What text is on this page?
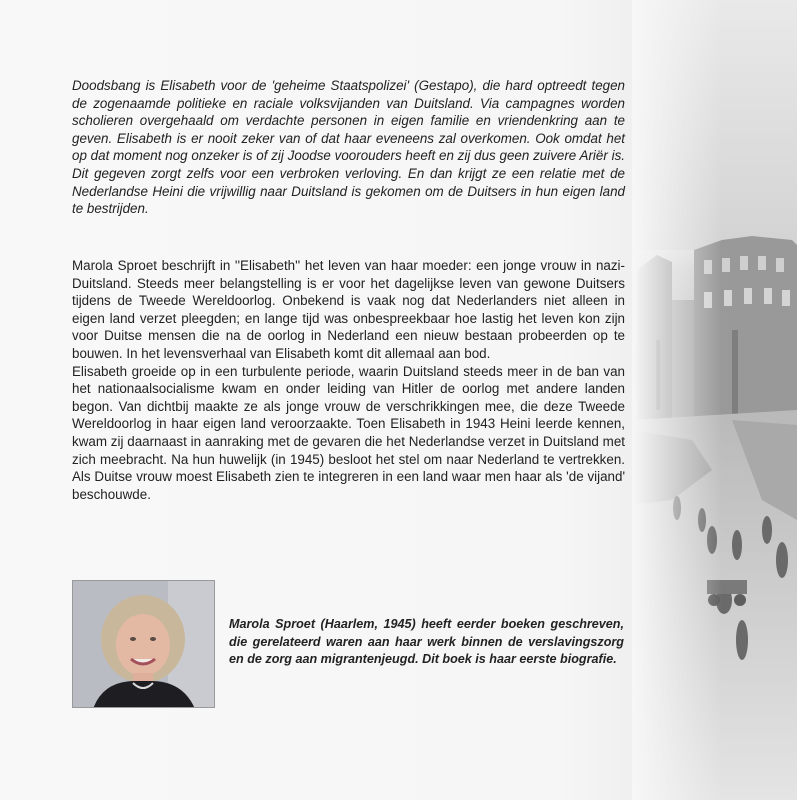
Doodsbang is Elisabeth voor de 'geheime Staatspolizei' (Gestapo), die hard optreedt tegen de zogenaamde politieke en raciale volksvijanden van Duitsland. Via campagnes worden scholieren overgehaald om verdachte personen in eigen familie en vriendenkring aan te geven. Elisabeth is er nooit zeker van of dat haar eveneens zal overkomen. Ook omdat het op dat moment nog onzeker is of zij Joodse voorouders heeft en zij dus geen zuivere Ariër is. Dit gegeven zorgt zelfs voor een verbroken verloving. En dan krijgt ze een relatie met de Nederlandse Heini die vrijwillig naar Duitsland is gekomen om de Duitsers in hun eigen land te bestrijden.

Marola Sproet beschrijft in ''Elisabeth'' het leven van haar moeder: een jonge vrouw in nazi-Duitsland. Steeds meer belangstelling is er voor het dagelijkse leven van gewone Duitsers tijdens de Tweede Wereldoorlog. Onbekend is vaak nog dat Nederlanders niet alleen in eigen land verzet pleegden; en lange tijd was onbespreekbaar hoe lastig het leven kon zijn voor Duitse mensen die na de oorlog in Nederland een nieuw bestaan probeerden op te bouwen. In het levensverhaal van Elisabeth komt dit allemaal aan bod.

Elisabeth groeide op in een turbulente periode, waarin Duitsland steeds meer in de ban van het nationaalsocialisme kwam en onder leiding van Hitler de oorlog met andere landen begon. Van dichtbij maakte ze als jonge vrouw de verschrikkingen mee, die deze Tweede Wereldoorlog in haar eigen land veroorzaakte. Toen Elisabeth in 1943 Heini leerde kennen, kwam zij daarnaast in aanraking met de gevaren die het Nederlandse verzet in Duitsland met zich meebracht. Na hun huwelijk (in 1945) besloot het stel om naar Nederland te vertrekken. Als Duitse vrouw moest Elisabeth zien te integreren in een land waar men haar als 'de vijand' beschouwde.

Marola Sproet (Haarlem, 1945) heeft eerder boeken geschreven, die gerelateerd waren aan haar werk binnen de verslavingszorg en de zorg aan migrantenjeugd. Dit boek is haar eerste biografie.
